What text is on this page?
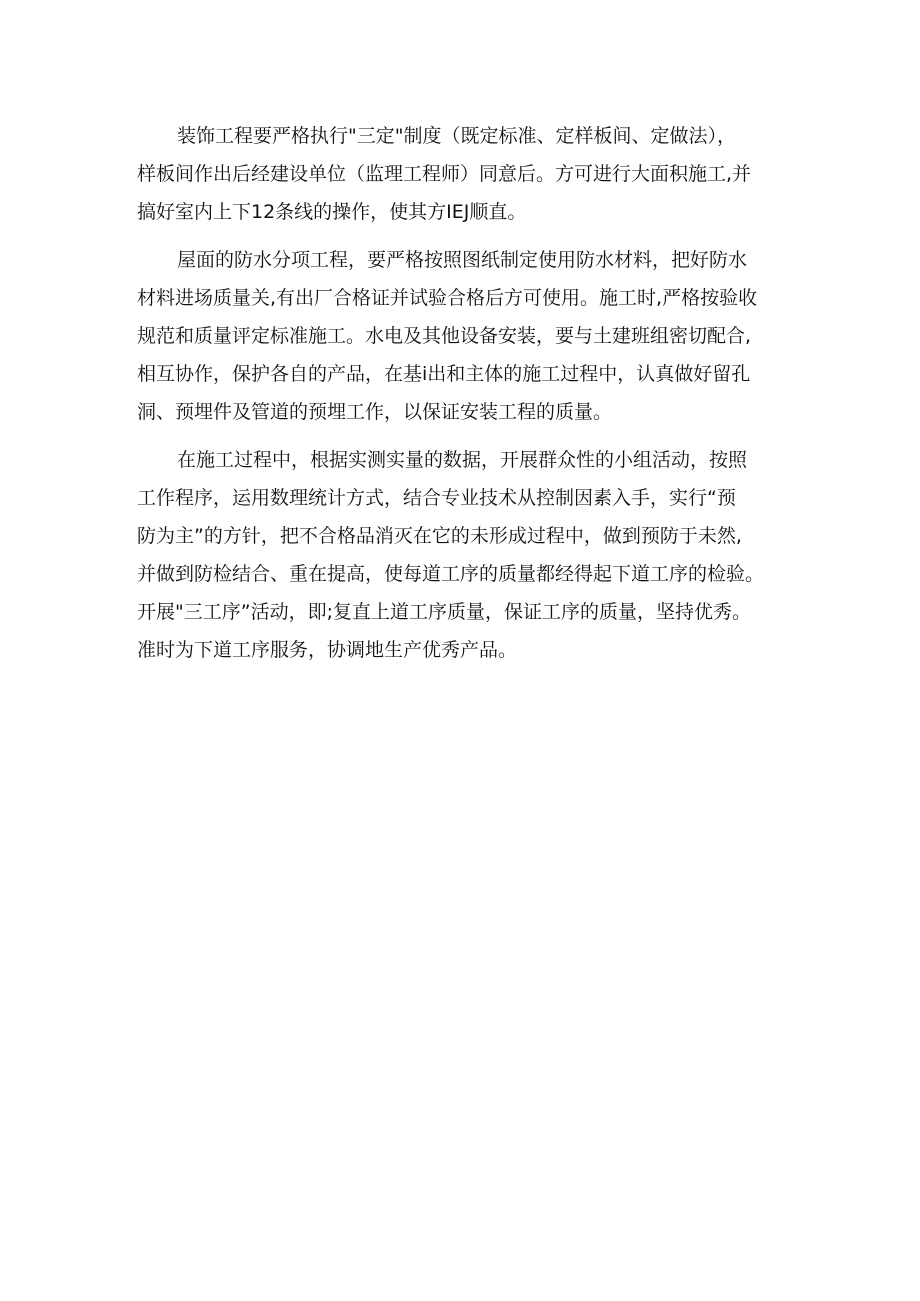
装饰工程要严格执行"三定"制度（既定标准、定样板间、定做法），
样板间作出后经建设单位（监理工程师）同意后。方可进行大面积施工,并
搞好室内上下12条线的操作，使其方IEJ顺直。
屋面的防水分项工程，要严格按照图纸制定使用防水材料，把好防水
材料进场质量关,有出厂合格证并试验合格后方可使用。施工时,严格按验收
规范和质量评定标准施工。水电及其他设备安装，要与土建班组密切配合,
相互协作，保护各自的产品，在基i出和主体的施工过程中，认真做好留孔
洞、预埋件及管道的预埋工作，以保证安装工程的质量。
在施工过程中，根据实测实量的数据，开展群众性的小组活动，按照
工作程序，运用数理统计方式，结合专业技术从控制因素入手，实行“预
防为主”的方针，把不合格品消灭在它的未形成过程中，做到预防于未然,
并做到防检结合、重在提高，使每道工序的质量都经得起下道工序的检验。
开展"三工序”活动，即;复直上道工序质量，保证工序的质量，坚持优秀。
准时为下道工序服务，协调地生产优秀产品。
